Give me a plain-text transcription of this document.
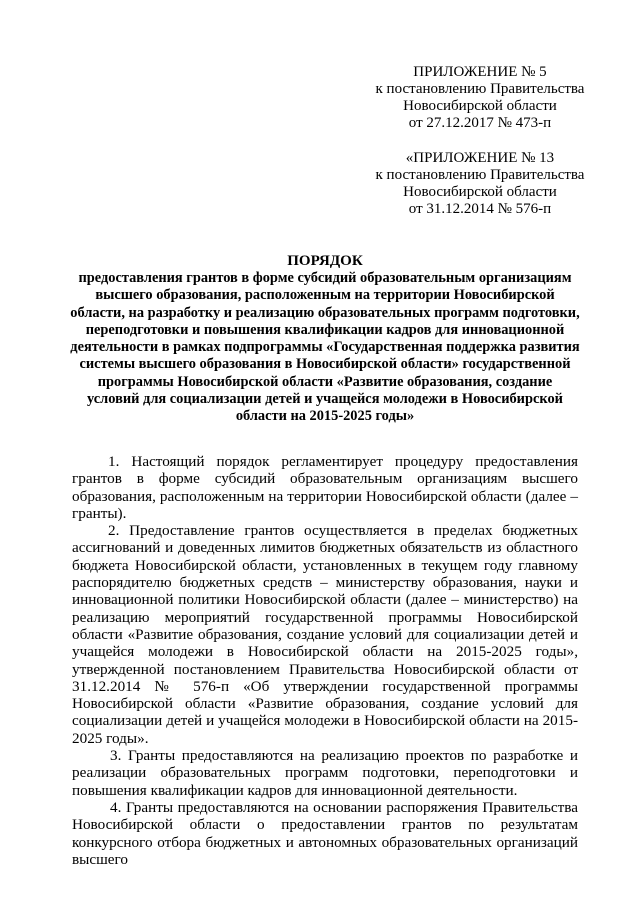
ПРИЛОЖЕНИЕ № 5
к постановлению Правительства
Новосибирской области
от 27.12.2017 № 473-п
«ПРИЛОЖЕНИЕ № 13
к постановлению Правительства
Новосибирской области
от 31.12.2014 № 576-п
ПОРЯДОК
предоставления грантов в форме субсидий образовательным организациям высшего образования, расположенным на территории Новосибирской области, на разработку и реализацию образовательных программ подготовки, переподготовки и повышения квалификации кадров для инновационной деятельности в рамках подпрограммы «Государственная поддержка развития системы высшего образования в Новосибирской области» государственной программы Новосибирской области «Развитие образования, создание условий для социализации детей и учащейся молодежи в Новосибирской области на 2015-2025 годы»

1. Настоящий порядок регламентирует процедуру предоставления грантов в форме субсидий образовательным организациям высшего образования, расположенным на территории Новосибирской области (далее – гранты).

2. Предоставление грантов осуществляется в пределах бюджетных ассигнований и доведенных лимитов бюджетных обязательств из областного бюджета Новосибирской области, установленных в текущем году главному распорядителю бюджетных средств – министерству образования, науки и инновационной политики Новосибирской области (далее – министерство) на реализацию мероприятий государственной программы Новосибирской области «Развитие образования, создание условий для социализации детей и учащейся молодежи в Новосибирской области на 2015-2025 годы», утвержденной постановлением Правительства Новосибирской области от 31.12.2014 № 576-п «Об утверждении государственной программы Новосибирской области «Развитие образования, создание условий для социализации детей и учащейся молодежи в Новосибирской области на 2015-2025 годы».

3. Гранты предоставляются на реализацию проектов по разработке и реализации образовательных программ подготовки, переподготовки и повышения квалификации кадров для инновационной деятельности.

4. Гранты предоставляются на основании распоряжения Правительства Новосибирской области о предоставлении грантов по результатам конкурсного отбора бюджетных и автономных образовательных организаций высшего
